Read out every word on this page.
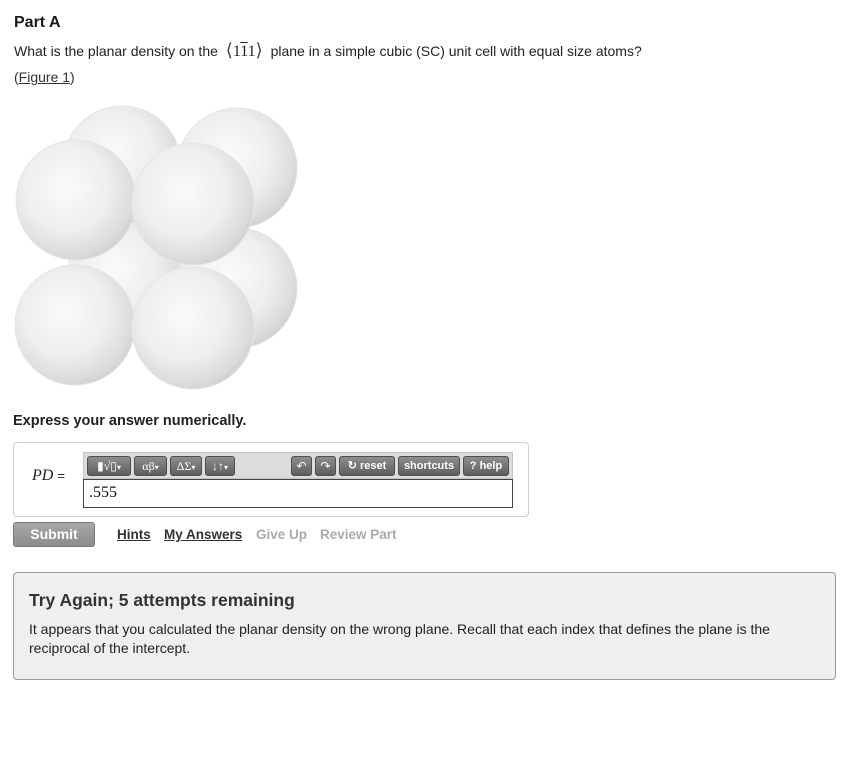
Part A
What is the planar density on the ⟨111⟩ plane in a simple cubic (SC) unit cell with equal size atoms?
(Figure 1)
Express your answer numerically.
PD =
▮√▯▾	αβ▾	ΔΣ▾	↓↑▾	↶	↷	↻ reset	shortcuts	? help
.555
Submit	Hints My Answers Give Up Review Part
Try Again; 5 attempts remaining
It appears that you calculated the planar density on the wrong plane. Recall that each index that defines the plane is the reciprocal of the intercept.
